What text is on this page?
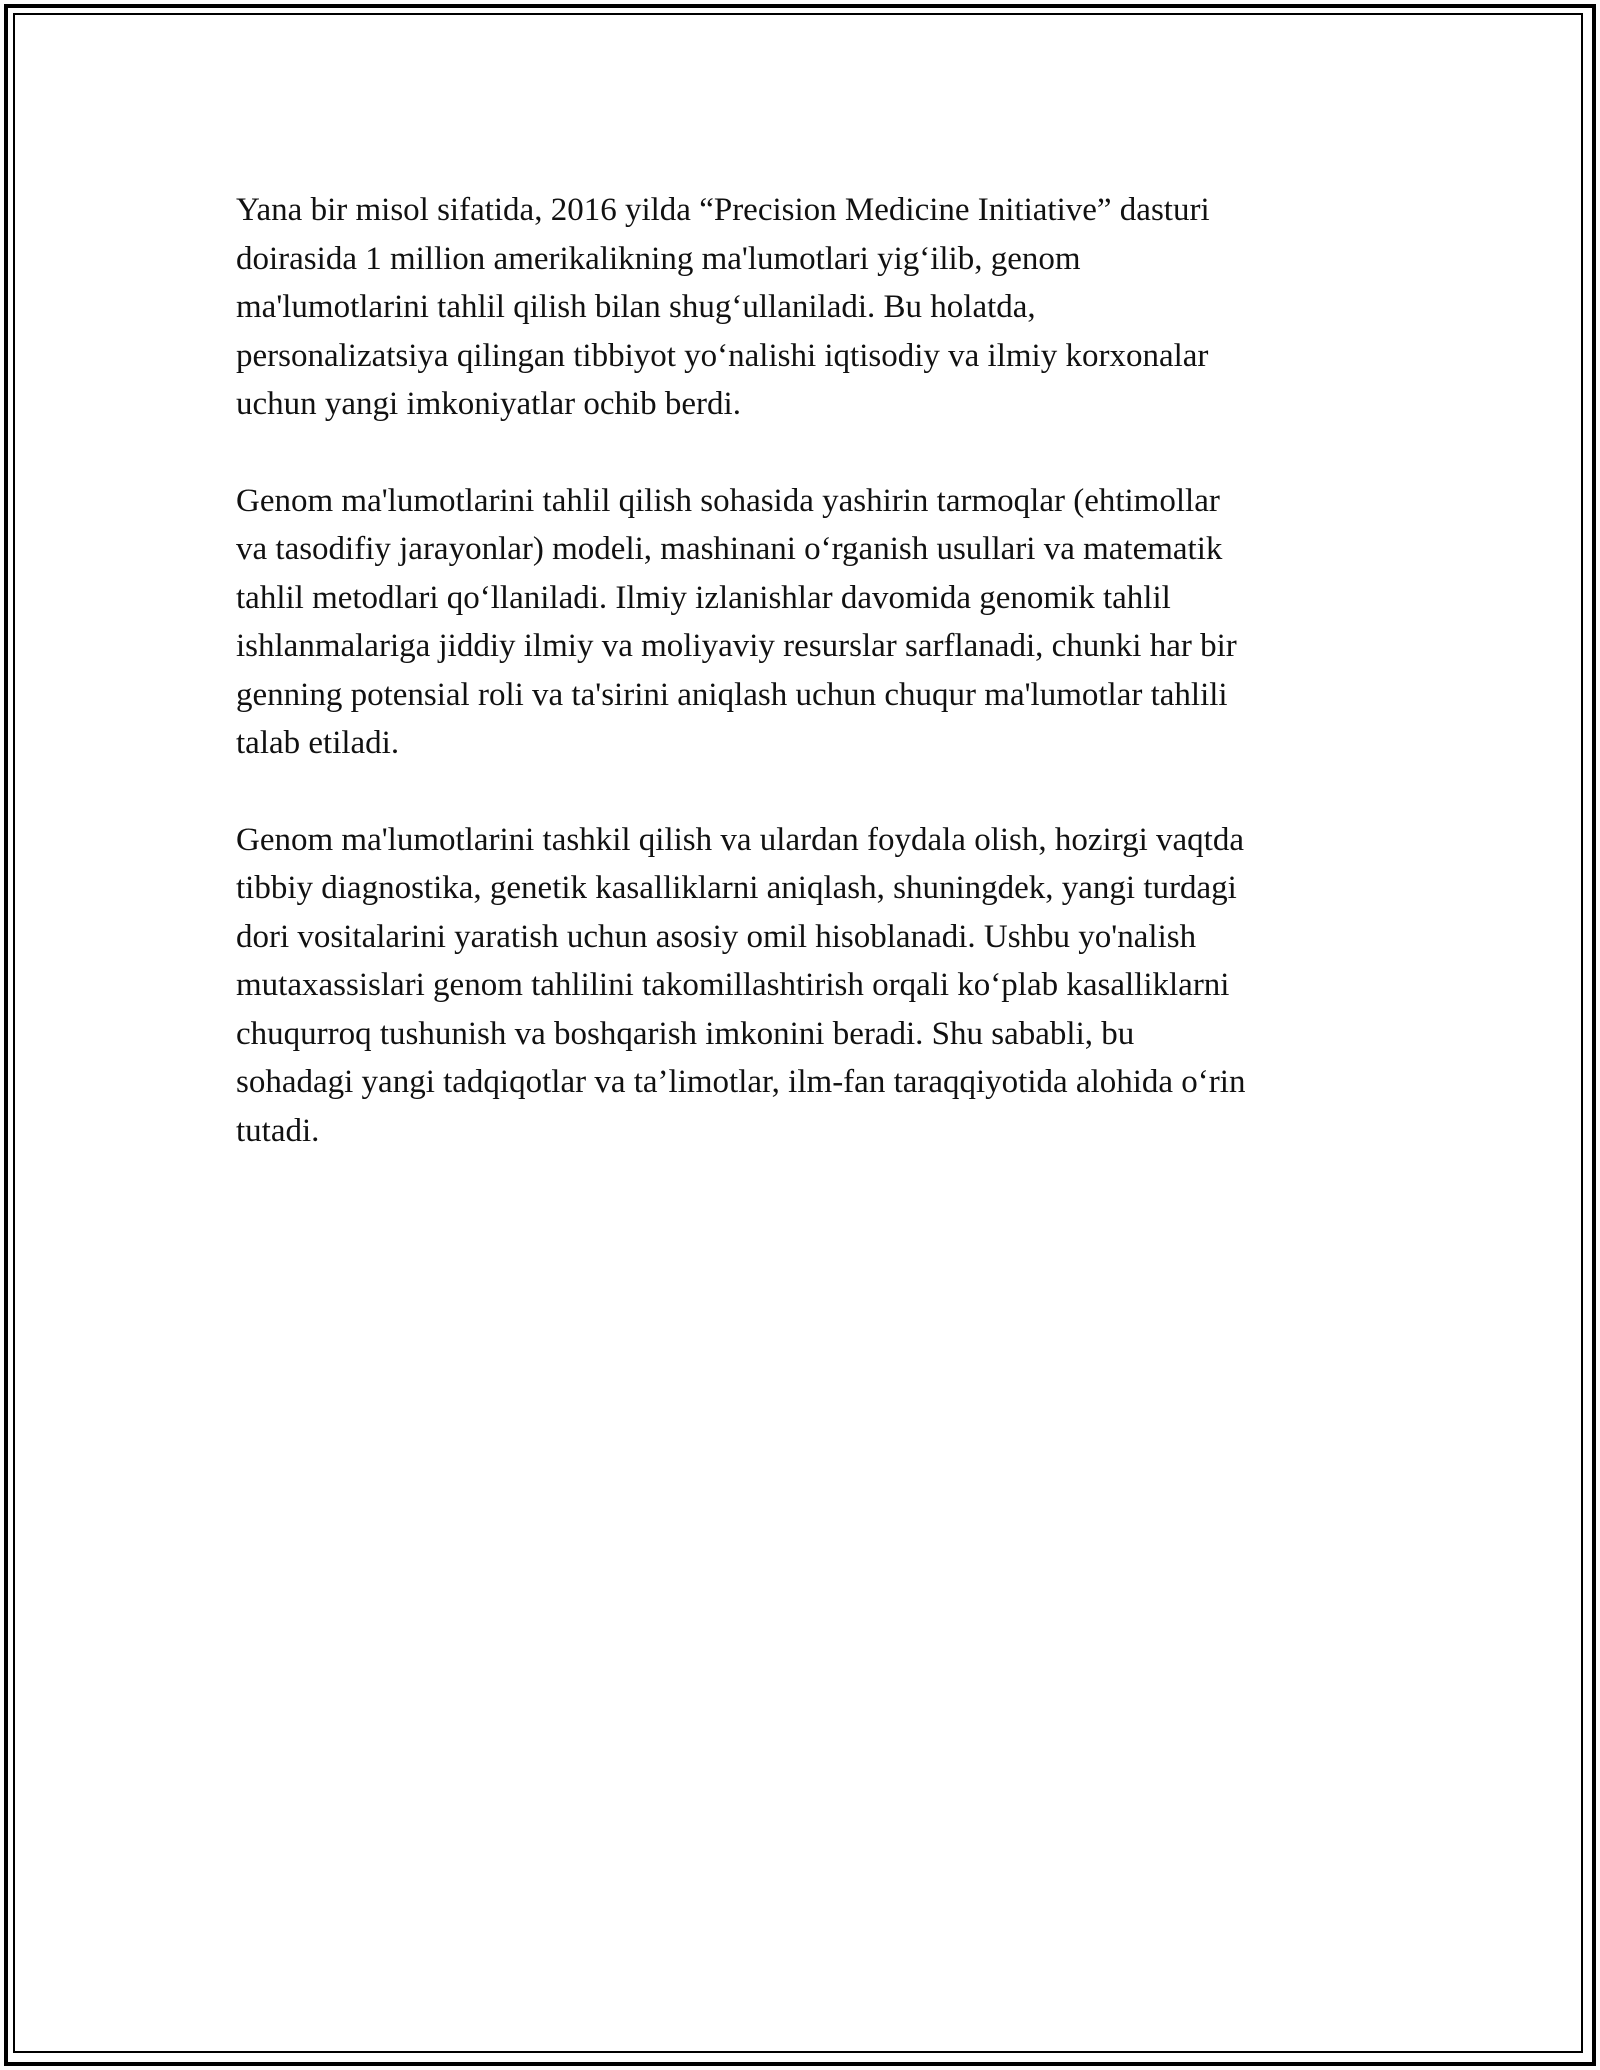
Yana bir misol sifatida, 2016 yilda “Precision Medicine Initiative” dasturi
doirasida 1 million amerikalikning ma'lumotlari yig‘ilib, genom
ma'lumotlarini tahlil qilish bilan shug‘ullaniladi. Bu holatda,
personalizatsiya qilingan tibbiyot yo‘nalishi iqtisodiy va ilmiy korxonalar
uchun yangi imkoniyatlar ochib berdi.

Genom ma'lumotlarini tahlil qilish sohasida yashirin tarmoqlar (ehtimollar
va tasodifiy jarayonlar) modeli, mashinani o‘rganish usullari va matematik
tahlil metodlari qo‘llaniladi. Ilmiy izlanishlar davomida genomik tahlil
ishlanmalariga jiddiy ilmiy va moliyaviy resurslar sarflanadi, chunki har bir
genning potensial roli va ta'sirini aniqlash uchun chuqur ma'lumotlar tahlili
talab etiladi.

Genom ma'lumotlarini tashkil qilish va ulardan foydala olish, hozirgi vaqtda
tibbiy diagnostika, genetik kasalliklarni aniqlash, shuningdek, yangi turdagi
dori vositalarini yaratish uchun asosiy omil hisoblanadi. Ushbu yo'nalish
mutaxassislari genom tahlilini takomillashtirish orqali ko‘plab kasalliklarni
chuqurroq tushunish va boshqarish imkonini beradi. Shu sababli, bu
sohadagi yangi tadqiqotlar va ta’limotlar, ilm-fan taraqqiyotida alohida o‘rin
tutadi.
